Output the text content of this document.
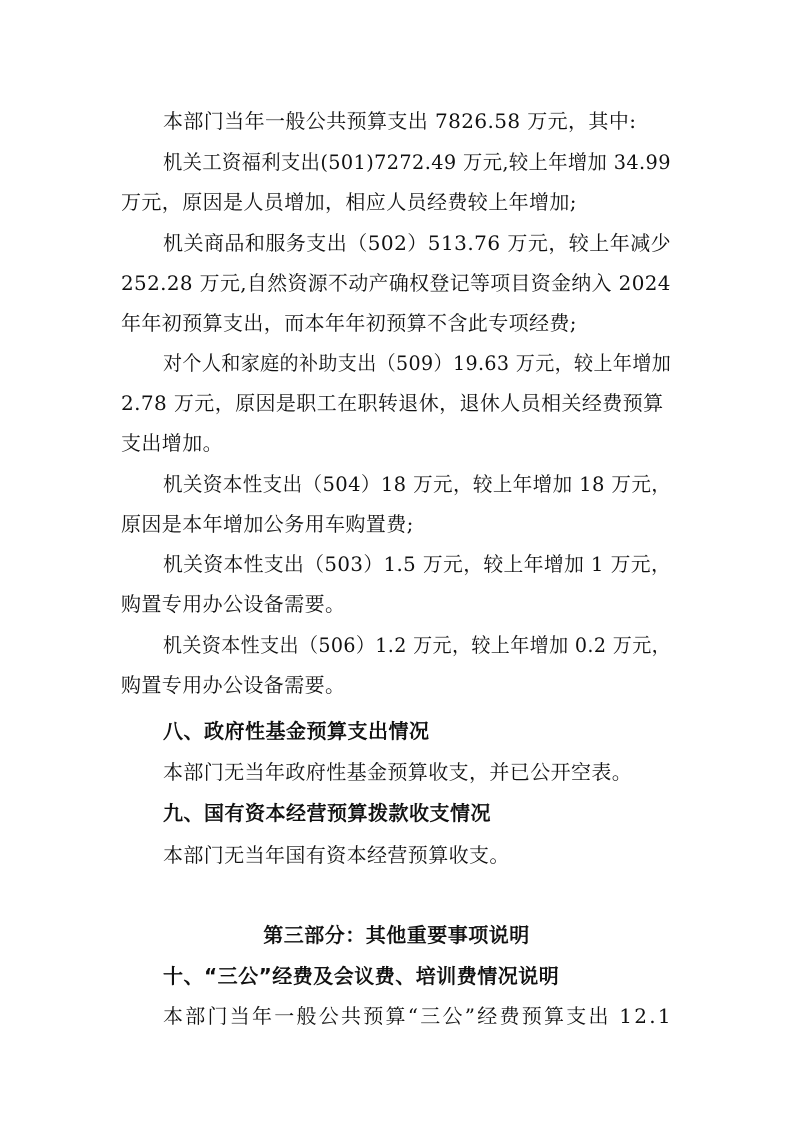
本部门当年一般公共预算支出 7826.58 万元，其中:
机关工资福利支出(501)7272.49 万元,较上年增加 34.99
万元，原因是人员增加，相应人员经费较上年增加;
机关商品和服务支出（502）513.76 万元，较上年减少
252.28 万元,自然资源不动产确权登记等项目资金纳入 2024
年年初预算支出，而本年年初预算不含此专项经费;
对个人和家庭的补助支出（509）19.63 万元，较上年增加
2.78 万元，原因是职工在职转退休，退休人员相关经费预算
支出增加。
机关资本性支出（504）18 万元，较上年增加 18 万元，
原因是本年增加公务用车购置费;
机关资本性支出（503）1.5 万元，较上年增加 1 万元，
购置专用办公设备需要。
机关资本性支出（506）1.2 万元，较上年增加 0.2 万元，
购置专用办公设备需要。
八、政府性基金预算支出情况
本部门无当年政府性基金预算收支，并已公开空表。
九、国有资本经营预算拨款收支情况
本部门无当年国有资本经营预算收支。
第三部分：其他重要事项说明
十、“三公”经费及会议费、培训费情况说明
本部门当年一般公共预算“三公”经费预算支出 12.1
